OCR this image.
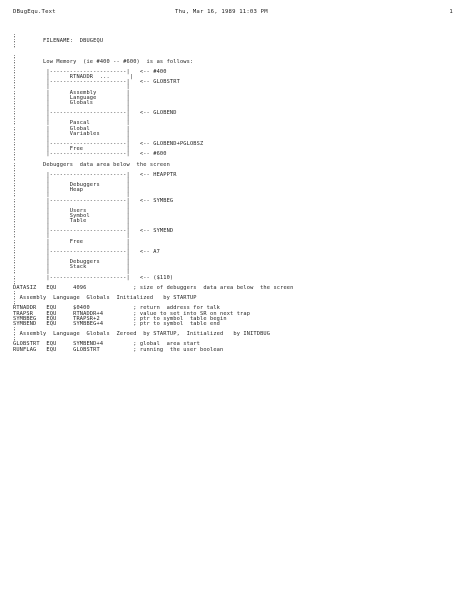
DBugEqu.Text	Thu, Mar 16, 1989 11:03 PM	1
;
;        FILENAME:  DBUGEQU
;
;
;        Low Memory  (ie #400 -- #600)  is as follows:
;
;         |-----------------------|   <-- #400
;         |      RTNADDR  ...      |
;         |-----------------------|   <-- GLOBSTRT
;         |                       |
;         |      Assembly         |
;         |      Language         |
;         |      Globals          |
;         |                       |
;         |-----------------------|   <-- GLOBEND
;         |                       |
;         |      Pascal           |
;         |      Global           |
;         |      Variables        |
;         |                       |
;         |-----------------------|   <-- GLOBEND+PGLOBSZ
;         |      Free             |
;         |-----------------------|   <-- #600
;
;        Debuggers  data area below  the screen
;
;         |-----------------------|   <-- HEAPPTR
;         |                       |
;         |      Debuggers        |
;         |      Heap             |
;         |                       |
;         |-----------------------|   <-- SYMBEG
;         |                       |
;         |      Users            |
;         |      Symbol           |
;         |      Table            |
;         |                       |
;         |-----------------------|   <-- SYMEND
;         |                       |
;         |      Free             |
;         |                       |
;         |-----------------------|   <-- A7
;         |                       |
;         |      Debuggers        |
;         |      Stack            |
;         |                       |
;         |-----------------------|   <-- ($110)
;
DATASIZ   EQU     4096              ; size of debuggers  data area below  the screen
;
; Assembly  Language  Globals  Initialized   by STARTUP
;
RTNADDR   EQU     $0400             ; return  address for talk
TRAPSR    EQU     RTNADDR+4         ; value to set into SR on next trap
SYMBBEG   EQU     TRAPSR+2          ; ptr to symbol  table begin
SYMBEND   EQU     SYMBBEG+4         ; ptr to symbol  table end
;
; Assembly  Language  Globals  Zeroed  by STARTUP,  Initialized   by INITDBUG
;
GLOBSTRT  EQU     SYMBEND+4         ; global  area start
RUNFLAG   EQU     GLOBSTRT          ; running  the user boolean
